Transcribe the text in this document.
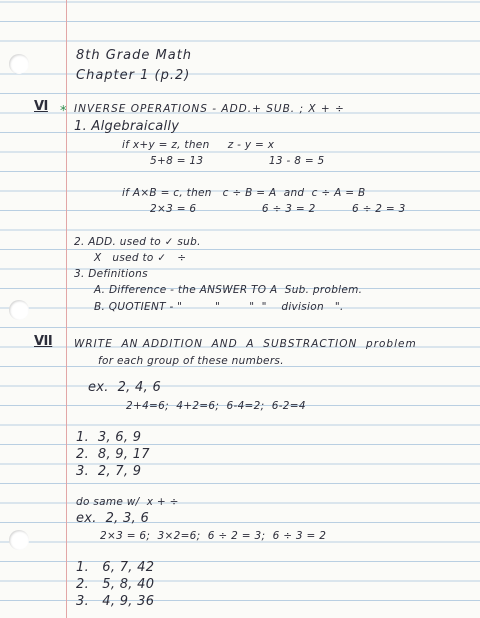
8th Grade Math

Chapter 1 (p.2)

VI * INVERSE OPERATIONS - ADD.+ SUB. ; X + ÷

1. Algebraically

if x+y = z, then     z - y = x

5+8 = 13                  13 - 8 = 5

if A×B = c, then   c ÷ B = A  and  c ÷ A = B

2×3 = 6                  6 ÷ 3 = 2          6 ÷ 2 = 3

2. ADD. used to ✓ sub.

X   used to ✓   ÷

3. Definitions

A. Difference - the ANSWER TO A  Sub. problem.

B. QUOTIENT - "         "        "  "    division   ".

VII WRITE  AN ADDITION  AND  A  SUBSTRACTION  problem

for each group of these numbers.

ex.  2, 4, 6

2+4=6;  4+2=6;  6-4=2;  6-2=4

1.  3, 6, 9

2.  8, 9, 17

3.  2, 7, 9

do same w/  x + ÷

ex.  2, 3, 6

2×3 = 6;  3×2=6;  6 ÷ 2 = 3;  6 ÷ 3 = 2

1.   6, 7, 42

2.   5, 8, 40

3.   4, 9, 36
